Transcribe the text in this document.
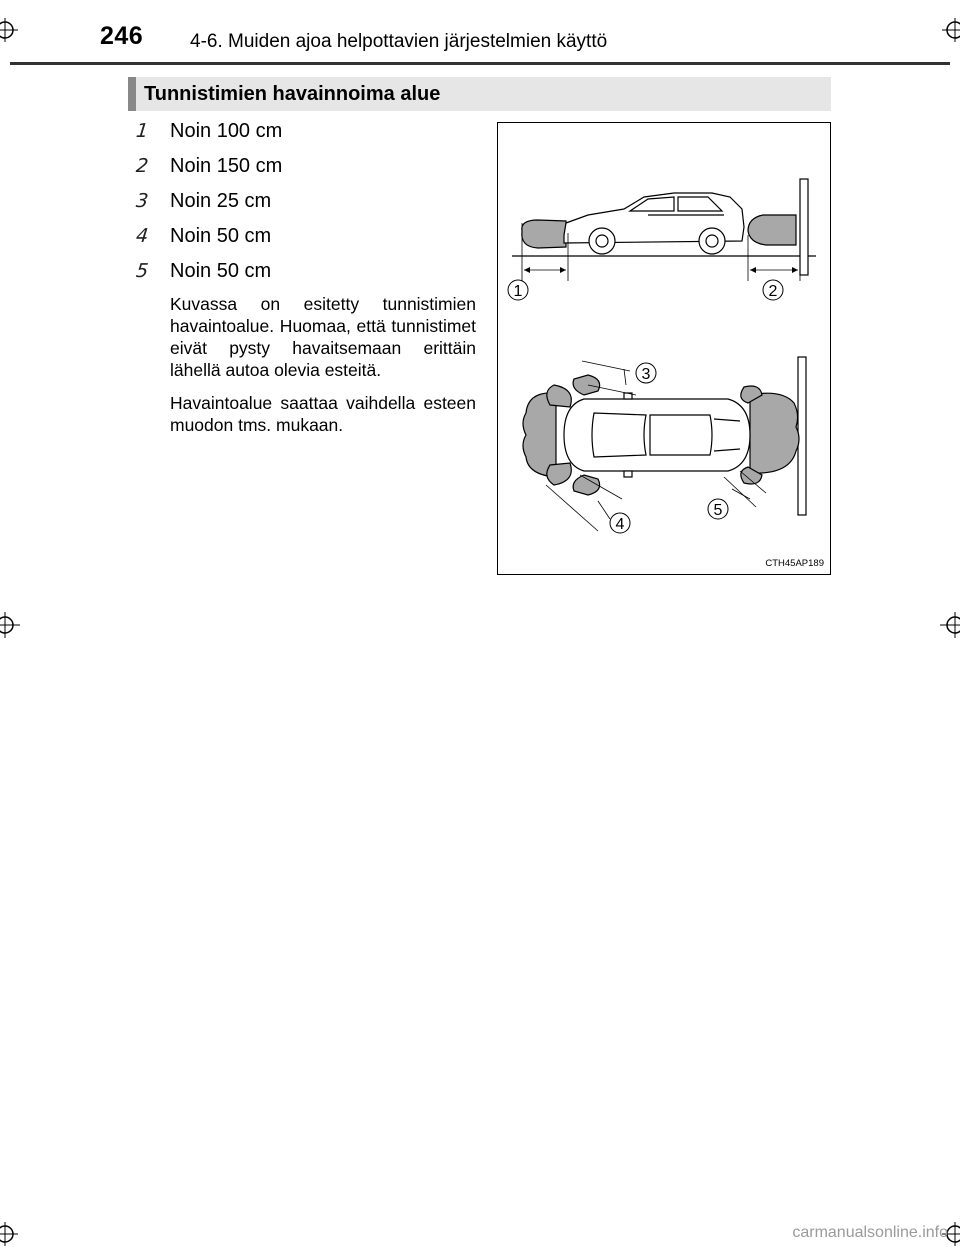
246 4-6. Muiden ajoa helpottavien järjestelmien käyttö
Tunnistimien havainnoima alue
1	Noin 100 cm
2	Noin 150 cm
3	Noin 25 cm
4	Noin 50 cm
5	Noin 50 cm
Kuvassa on esitetty tunnistimien havaintoalue. Huomaa, että tunnistimet eivät pysty havaitsemaan erittäin lähellä autoa olevia esteitä.
Havaintoalue saattaa vaihdella esteen muodon tms. mukaan.
1	2
3
4
5
CTH45AP189
carmanualsonline.info
